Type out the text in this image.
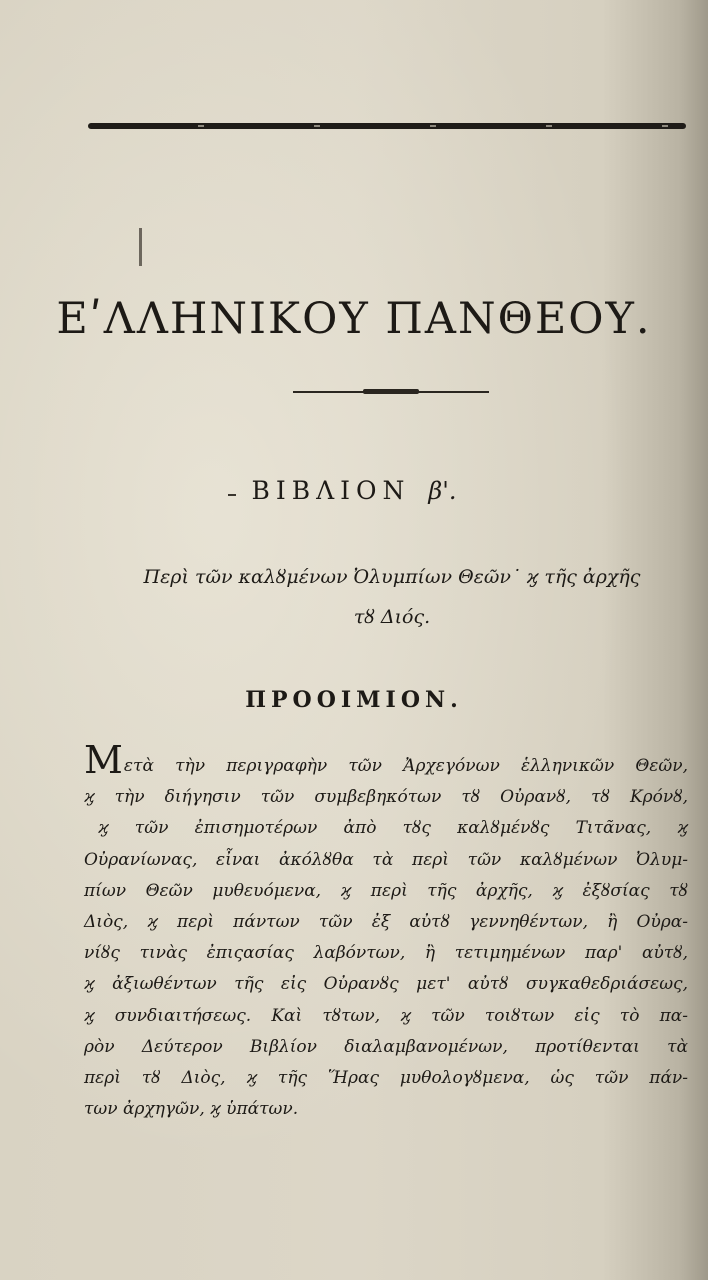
ΕʹΛΛΗΝΙΚΟΥ ΠΑΝΘΕΟΥ.
ΒΙΒΛΙΟΝ β'.
Περὶ τῶν καλȣμένων Ὀλυμπίων Θεῶν˙ ϗ τῆς ἀρχῆς
τȣ Διός.
ΠΡΟΟΙΜΙΟΝ.
Μετὰ τὴν περιγραφὴν τῶν Ἀρχεγόνων ἑλληνικῶν Θεῶν,
ϗ τὴν διήγησιν τῶν συμβεβηκότων τȣ Οὐρανȣ, τȣ Κρόνȣ,
ϗ τῶν ἐπισημοτέρων ἀπὸ τȣς καλȣμένȣς Τιτᾶνας, ϗ
Οὐρανίωνας, εἶναι ἀκόλȣθα τὰ περὶ τῶν καλȣμένων Ὀλυμ-
πίων Θεῶν μυθευόμενα, ϗ περὶ τῆς ἀρχῆς, ϗ ἐξȣσίας τȣ
Διὸς, ϗ περὶ πάντων τῶν ἐξ αὐτȣ γεννηθέντων, ἢ Οὐρα-
νίȣς τινὰς ἐπιςασίας λαβόντων, ἢ τετιμημένων παρ' αὐτȣ,
ϗ ἀξιωθέντων τῆς εἰς Οὐρανȣς μετ' αὐτȣ συγκαθεδριάσεως,
ϗ συνδιαιτήσεως. Καὶ τȣτων, ϗ τῶν τοιȣτων εἰς τὸ πα-
ρὸν Δεύτερον Βιβλίον διαλαμβανομένων, προτίθενται τὰ
περὶ τȣ Διὸς, ϗ τῆς Ἥρας μυθολογȣμενα, ὡς τῶν πάν-
των ἀρχηγῶν, ϗ ὑπάτων.
